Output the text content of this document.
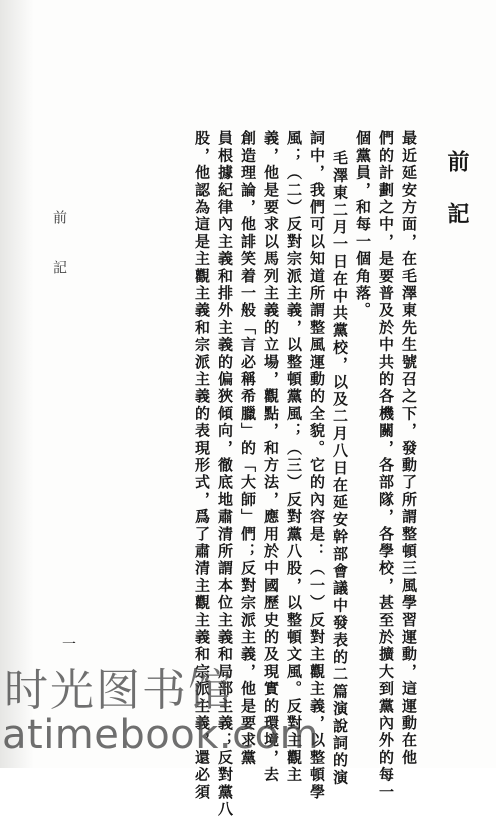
前記
最近延安方面，在毛澤東先生號召之下，發動了所謂整頓三風學習運動，這運動在他
們的計劃之中，是要普及於中共的各機關，各部隊，各學校，甚至於擴大到黨內外的每一
個黨員，和每一個角落。
毛澤東二月一日在中共黨校，以及二月八日在延安幹部會議中發表的二篇演說詞的演
詞中，我們可以知道所謂整風運動的全貌。它的內容是：（一）反對主觀主義，以整頓學
風；（二）反對宗派主義，以整頓黨風；（三）反對黨八股，以整頓文風。反對主觀主
義，他是要求以馬列主義的立場，觀點，和方法，應用於中國歷史的及現實的環境，去
創造理論，他誹笑着一般「言必稱希臘」的「大師」們；反對宗派主義，他是要求黨
員根據紀律內主義和排外主義的偏狹傾向，徹底地肅清所謂本位主義和局部主義；反對黨八
股，他認為這是主觀主義和宗派主義的表現形式，爲了肅清主觀主義和宗派主義，還必須
前記
一
时光图书馆
atimebook.com
